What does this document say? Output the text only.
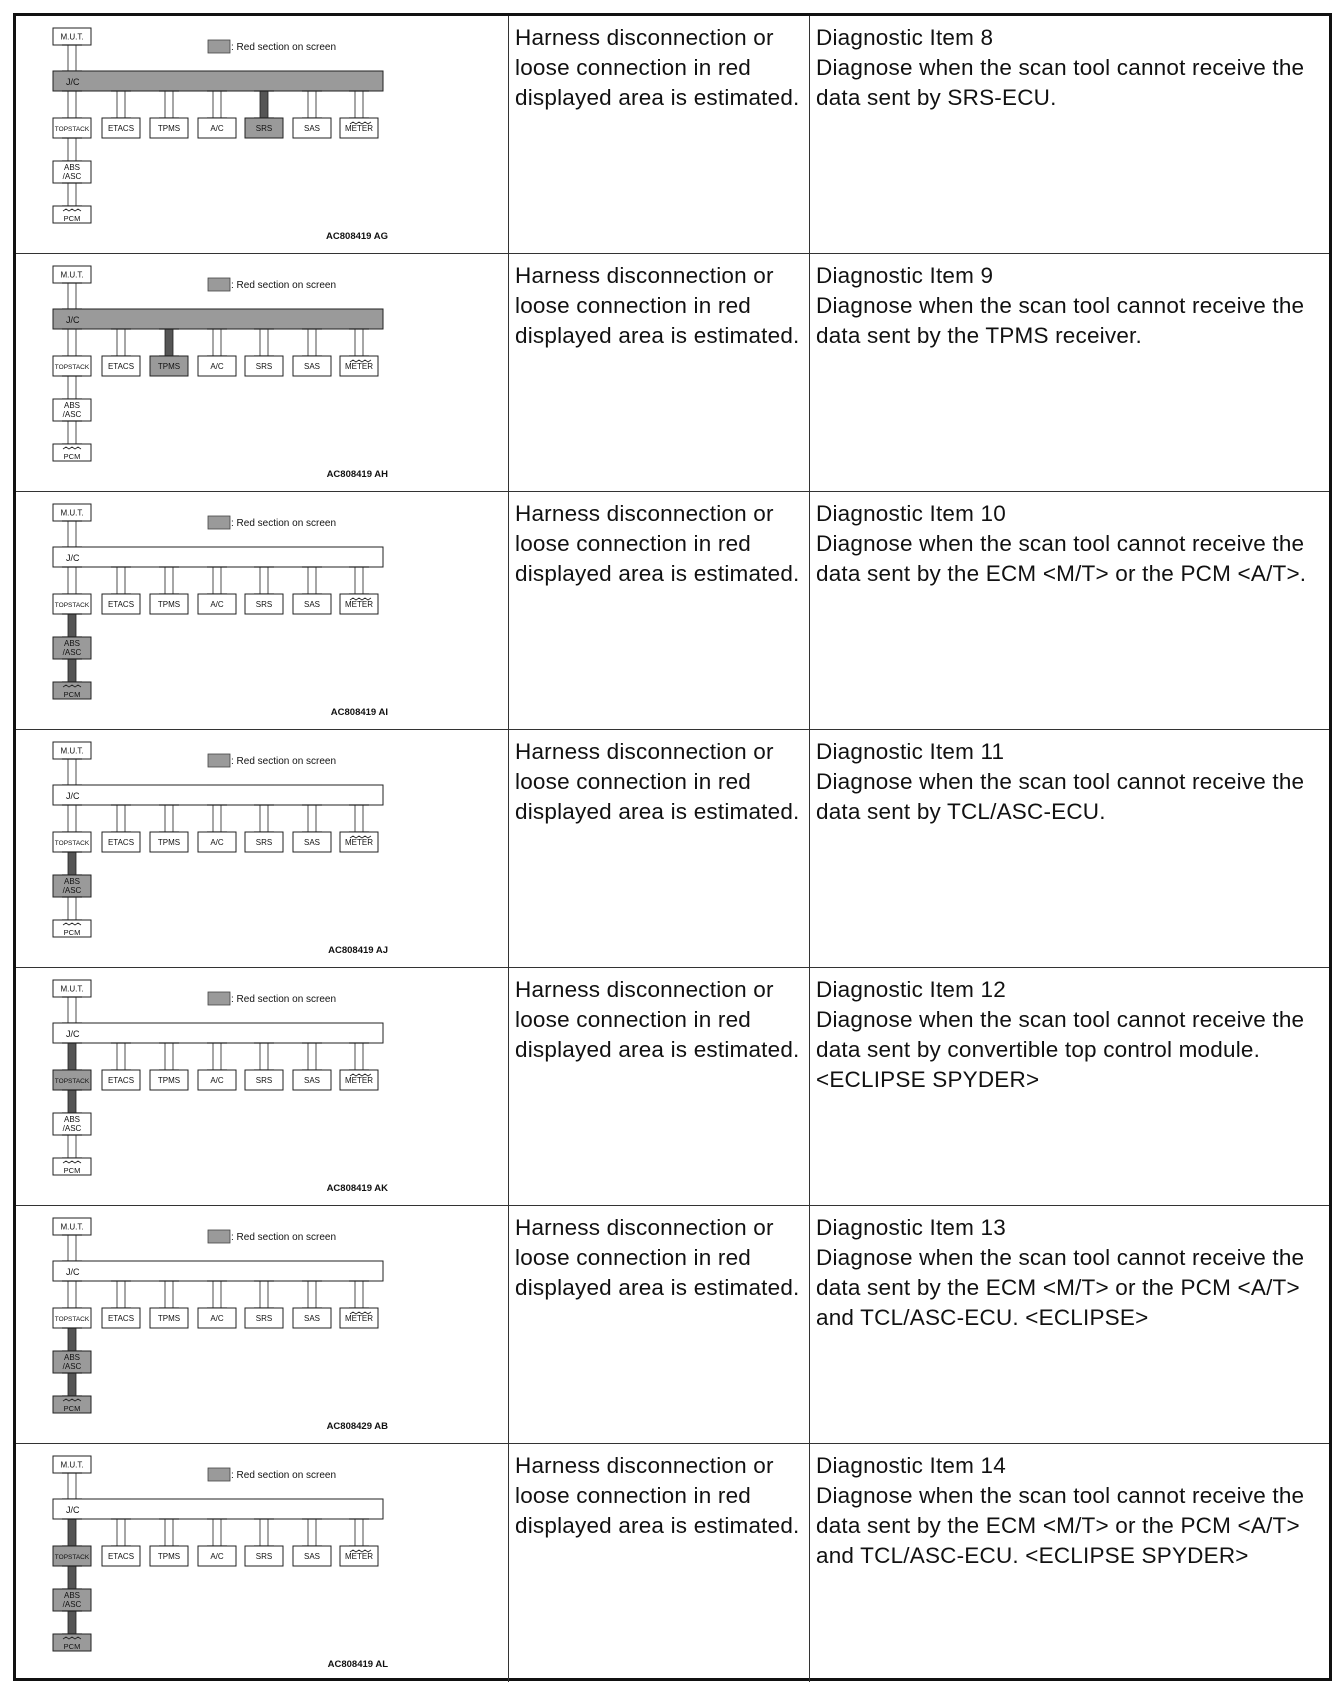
M.U.T.
: Red section on screen
J/C
TOPSTACK ETACS	TPMS	A/C	SRS	SAS	METER
ABS
/ASC
PCM
AC808419 AG
Harness disconnection or loose connection in red displayed area is estimated.
Diagnostic Item 8
Diagnose when the scan tool cannot receive the data sent by SRS-ECU.
M.U.T.
: Red section on screen
J/C
TOPSTACK ETACS	TPMS	A/C	SRS	SAS	METER
ABS
/ASC
PCM
AC808419 AH
Harness disconnection or loose connection in red displayed area is estimated.
Diagnostic Item 9
Diagnose when the scan tool cannot receive the data sent by the TPMS receiver.
M.U.T.
: Red section on screen
J/C
TOPSTACK ETACS	TPMS	A/C	SRS	SAS	METER
ABS
/ASC
PCM
AC808419 AI
Harness disconnection or loose connection in red displayed area is estimated.
Diagnostic Item 10
Diagnose when the scan tool cannot receive the data sent by the ECM <M/T> or the PCM <A/T>.
M.U.T.
: Red section on screen
J/C
TOPSTACK ETACS	TPMS	A/C	SRS	SAS	METER
ABS
/ASC
PCM
AC808419 AJ
Harness disconnection or loose connection in red displayed area is estimated.
Diagnostic Item 11
Diagnose when the scan tool cannot receive the data sent by TCL/ASC-ECU.
M.U.T.
: Red section on screen
J/C
TOPSTACK ETACS	TPMS	A/C	SRS	SAS	METER
ABS
/ASC
PCM
AC808419 AK
Harness disconnection or loose connection in red displayed area is estimated.
Diagnostic Item 12
Diagnose when the scan tool cannot receive the data sent by convertible top control module. <ECLIPSE SPYDER>
M.U.T.
: Red section on screen
J/C
TOPSTACK ETACS	TPMS	A/C	SRS	SAS	METER
ABS
/ASC
PCM
AC808429 AB
Harness disconnection or loose connection in red displayed area is estimated.
Diagnostic Item 13
Diagnose when the scan tool cannot receive the data sent by the ECM <M/T> or the PCM <A/T> and TCL/ASC-ECU. <ECLIPSE>
M.U.T.
: Red section on screen
J/C
TOPSTACK ETACS	TPMS	A/C	SRS	SAS	METER
ABS
/ASC
PCM
AC808419 AL
Harness disconnection or loose connection in red displayed area is estimated.
Diagnostic Item 14
Diagnose when the scan tool cannot receive the data sent by the ECM <M/T> or the PCM <A/T> and TCL/ASC-ECU. <ECLIPSE SPYDER>
